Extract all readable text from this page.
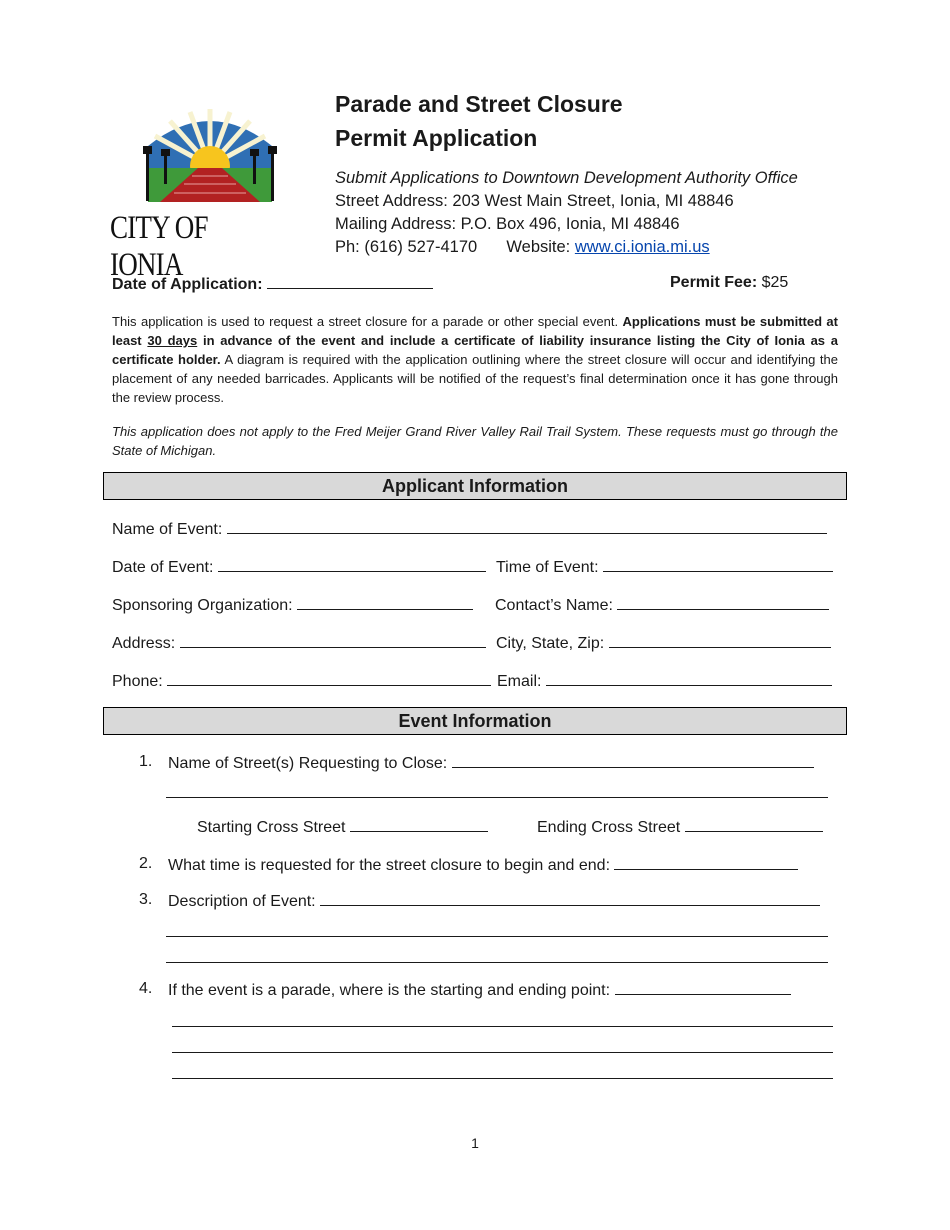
CITY OF IONIA
Parade and Street Closure
Permit Application
Submit Applications to Downtown Development Authority Office
Street Address: 203 West Main Street, Ionia, MI 48846
Mailing Address: P.O. Box 496, Ionia, MI 48846
Ph: (616) 527-4170 Website: www.ci.ionia.mi.us
Date of Application:	Permit Fee: $25
This application is used to request a street closure for a parade or other special event. Applications must be submitted at least 30 days in advance of the event and include a certificate of liability insurance listing the City of Ionia as a certificate holder. A diagram is required with the application outlining where the street closure will occur and identifying the placement of any needed barricades. Applicants will be notified of the request’s final determination once it has gone through the review process.
This application does not apply to the Fred Meijer Grand River Valley Rail Trail System. These requests must go through the State of Michigan.
Applicant Information
Name of Event:
Date of Event:	Time of Event:
Sponsoring Organization:	Contact’s Name:
Address:	City, State, Zip:
Phone:	Email:
Event Information
1. Name of Street(s) Requesting to Close:
Starting Cross Street	Ending Cross Street
2. What time is requested for the street closure to begin and end:
3. Description of Event:
4. If the event is a parade, where is the starting and ending point:
1
